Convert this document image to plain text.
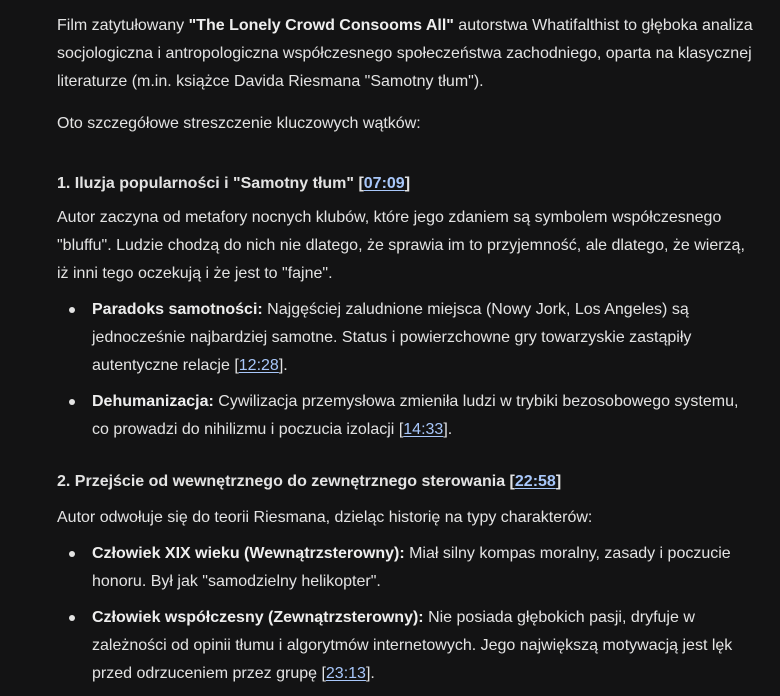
Film zatytułowany "The Lonely Crowd Consooms All" autorstwa Whatifalthist to głęboka analiza socjologiczna i antropologiczna współczesnego społeczeństwa zachodniego, oparta na klasycznej literaturze (m.in. książce Davida Riesmana "Samotny tłum").

Oto szczegółowe streszczenie kluczowych wątków:

1. Iluzja popularności i "Samotny tłum" [07:09]

Autor zaczyna od metafory nocnych klubów, które jego zdaniem są symbolem współczesnego "bluffu". Ludzie chodzą do nich nie dlatego, że sprawia im to przyjemność, ale dlatego, że wierzą, iż inni tego oczekują i że jest to "fajne".

Paradoks samotności: Najgęściej zaludnione miejsca (Nowy Jork, Los Angeles) są jednocześnie najbardziej samotne. Status i powierzchowne gry towarzyskie zastąpiły autentyczne relacje [12:28].
Dehumanizacja: Cywilizacja przemysłowa zmieniła ludzi w trybiki bezosobowego systemu, co prowadzi do nihilizmu i poczucia izolacji [14:33].
2. Przejście od wewnętrznego do zewnętrznego sterowania [22:58]

Autor odwołuje się do teorii Riesmana, dzieląc historię na typy charakterów:

Człowiek XIX wieku (Wewnątrzsterowny): Miał silny kompas moralny, zasady i poczucie honoru. Był jak "samodzielny helikopter".
Człowiek współczesny (Zewnątrzsterowny): Nie posiada głębokich pasji, dryfuje w zależności od opinii tłumu i algorytmów internetowych. Jego największą motywacją jest lęk przed odrzuceniem przez grupę [23:13].
